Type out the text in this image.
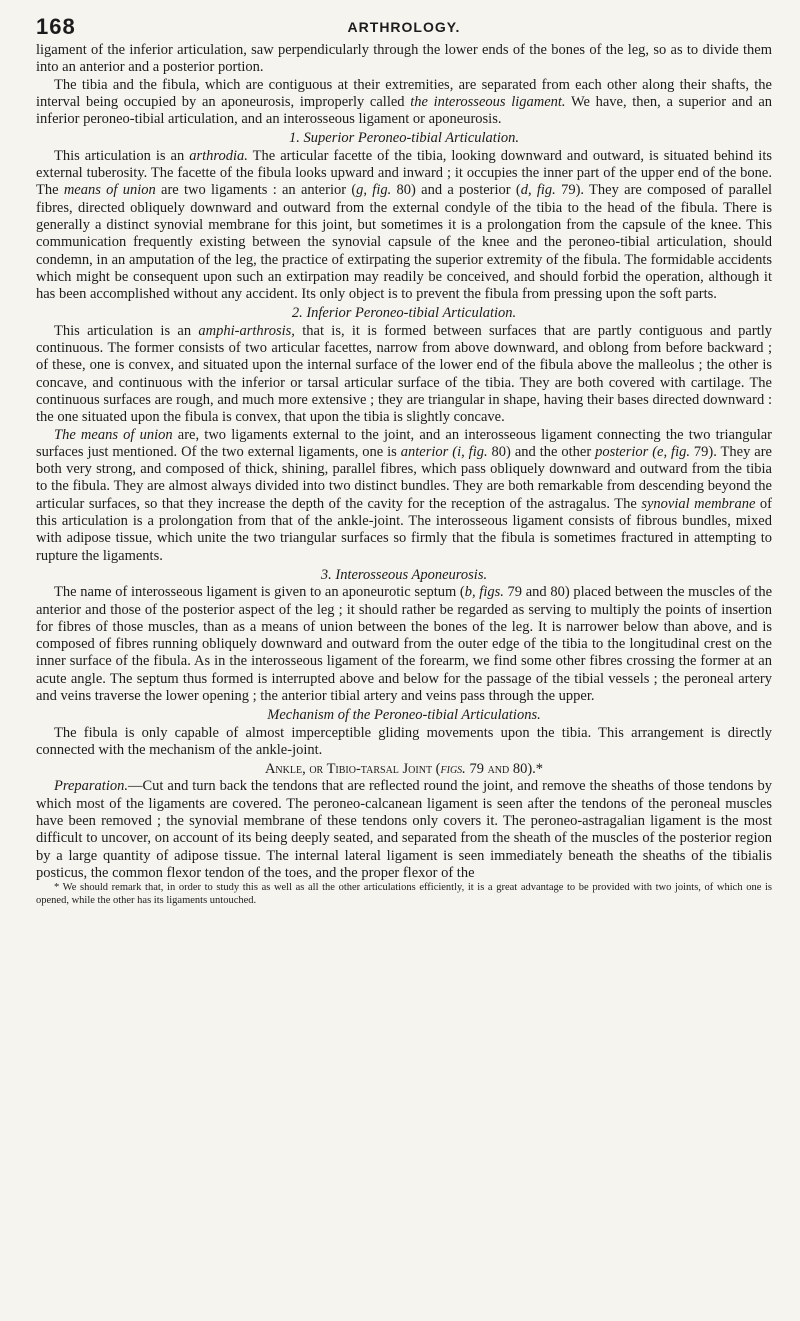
168	ARTHROLOGY.

ligament of the inferior articulation, saw perpendicularly through the lower ends of the bones of the leg, so as to divide them into an anterior and a posterior portion.

The tibia and the fibula, which are contiguous at their extremities, are separated from each other along their shafts, the interval being occupied by an aponeurosis, improperly called the interosseous ligament. We have, then, a superior and an inferior peroneo-tibial articulation, and an interosseous ligament or aponeurosis.

1. Superior Peroneo-tibial Articulation.

This articulation is an arthrodia. The articular facette of the tibia, looking downward and outward, is situated behind its external tuberosity. The facette of the fibula looks upward and inward ; it occupies the inner part of the upper end of the bone. The means of union are two ligaments : an anterior (g, fig. 80) and a posterior (d, fig. 79). They are composed of parallel fibres, directed obliquely downward and outward from the external condyle of the tibia to the head of the fibula. There is generally a distinct synovial membrane for this joint, but sometimes it is a prolongation from the capsule of the knee. This communication frequently existing between the synovial capsule of the knee and the peroneo-tibial articulation, should condemn, in an amputation of the leg, the practice of extirpating the superior extremity of the fibula. The formidable accidents which might be consequent upon such an extirpation may readily be conceived, and should forbid the operation, although it has been accomplished without any accident. Its only object is to prevent the fibula from pressing upon the soft parts.

2. Inferior Peroneo-tibial Articulation.

This articulation is an amphi-arthrosis, that is, it is formed between surfaces that are partly contiguous and partly continuous. The former consists of two articular facettes, narrow from above downward, and oblong from before backward ; of these, one is convex, and situated upon the internal surface of the lower end of the fibula above the malleolus ; the other is concave, and continuous with the inferior or tarsal articular surface of the tibia. They are both covered with cartilage. The continuous surfaces are rough, and much more extensive ; they are triangular in shape, having their bases directed downward : the one situated upon the fibula is convex, that upon the tibia is slightly concave.

The means of union are, two ligaments external to the joint, and an interosseous ligament connecting the two triangular surfaces just mentioned. Of the two external ligaments, one is anterior (i, fig. 80) and the other posterior (e, fig. 79). They are both very strong, and composed of thick, shining, parallel fibres, which pass obliquely downward and outward from the tibia to the fibula. They are almost always divided into two distinct bundles. They are both remarkable from descending beyond the articular surfaces, so that they increase the depth of the cavity for the reception of the astragalus. The synovial membrane of this articulation is a prolongation from that of the ankle-joint. The interosseous ligament consists of fibrous bundles, mixed with adipose tissue, which unite the two triangular surfaces so firmly that the fibula is sometimes fractured in attempting to rupture the ligaments.

3. Interosseous Aponeurosis.

The name of interosseous ligament is given to an aponeurotic septum (b, figs. 79 and 80) placed between the muscles of the anterior and those of the posterior aspect of the leg ; it should rather be regarded as serving to multiply the points of insertion for fibres of those muscles, than as a means of union between the bones of the leg. It is narrower below than above, and is composed of fibres running obliquely downward and outward from the outer edge of the tibia to the longitudinal crest on the inner surface of the fibula. As in the interosseous ligament of the forearm, we find some other fibres crossing the former at an acute angle. The septum thus formed is interrupted above and below for the passage of the tibial vessels ; the peroneal artery and veins traverse the lower opening ; the anterior tibial artery and veins pass through the upper.

Mechanism of the Peroneo-tibial Articulations.

The fibula is only capable of almost imperceptible gliding movements upon the tibia. This arrangement is directly connected with the mechanism of the ankle-joint.

Ankle, or Tibio-tarsal Joint (figs. 79 and 80).*

Preparation.—Cut and turn back the tendons that are reflected round the joint, and remove the sheaths of those tendons by which most of the ligaments are covered. The peroneo-calcanean ligament is seen after the tendons of the peroneal muscles have been removed ; the synovial membrane of these tendons only covers it. The peroneo-astragalian ligament is the most difficult to uncover, on account of its being deeply seated, and separated from the sheath of the muscles of the posterior region by a large quantity of adipose tissue. The internal lateral ligament is seen immediately beneath the sheaths of the tibialis posticus, the common flexor tendon of the toes, and the proper flexor of the

* We should remark that, in order to study this as well as all the other articulations efficiently, it is a great advantage to be provided with two joints, of which one is opened, while the other has its ligaments untouched.
